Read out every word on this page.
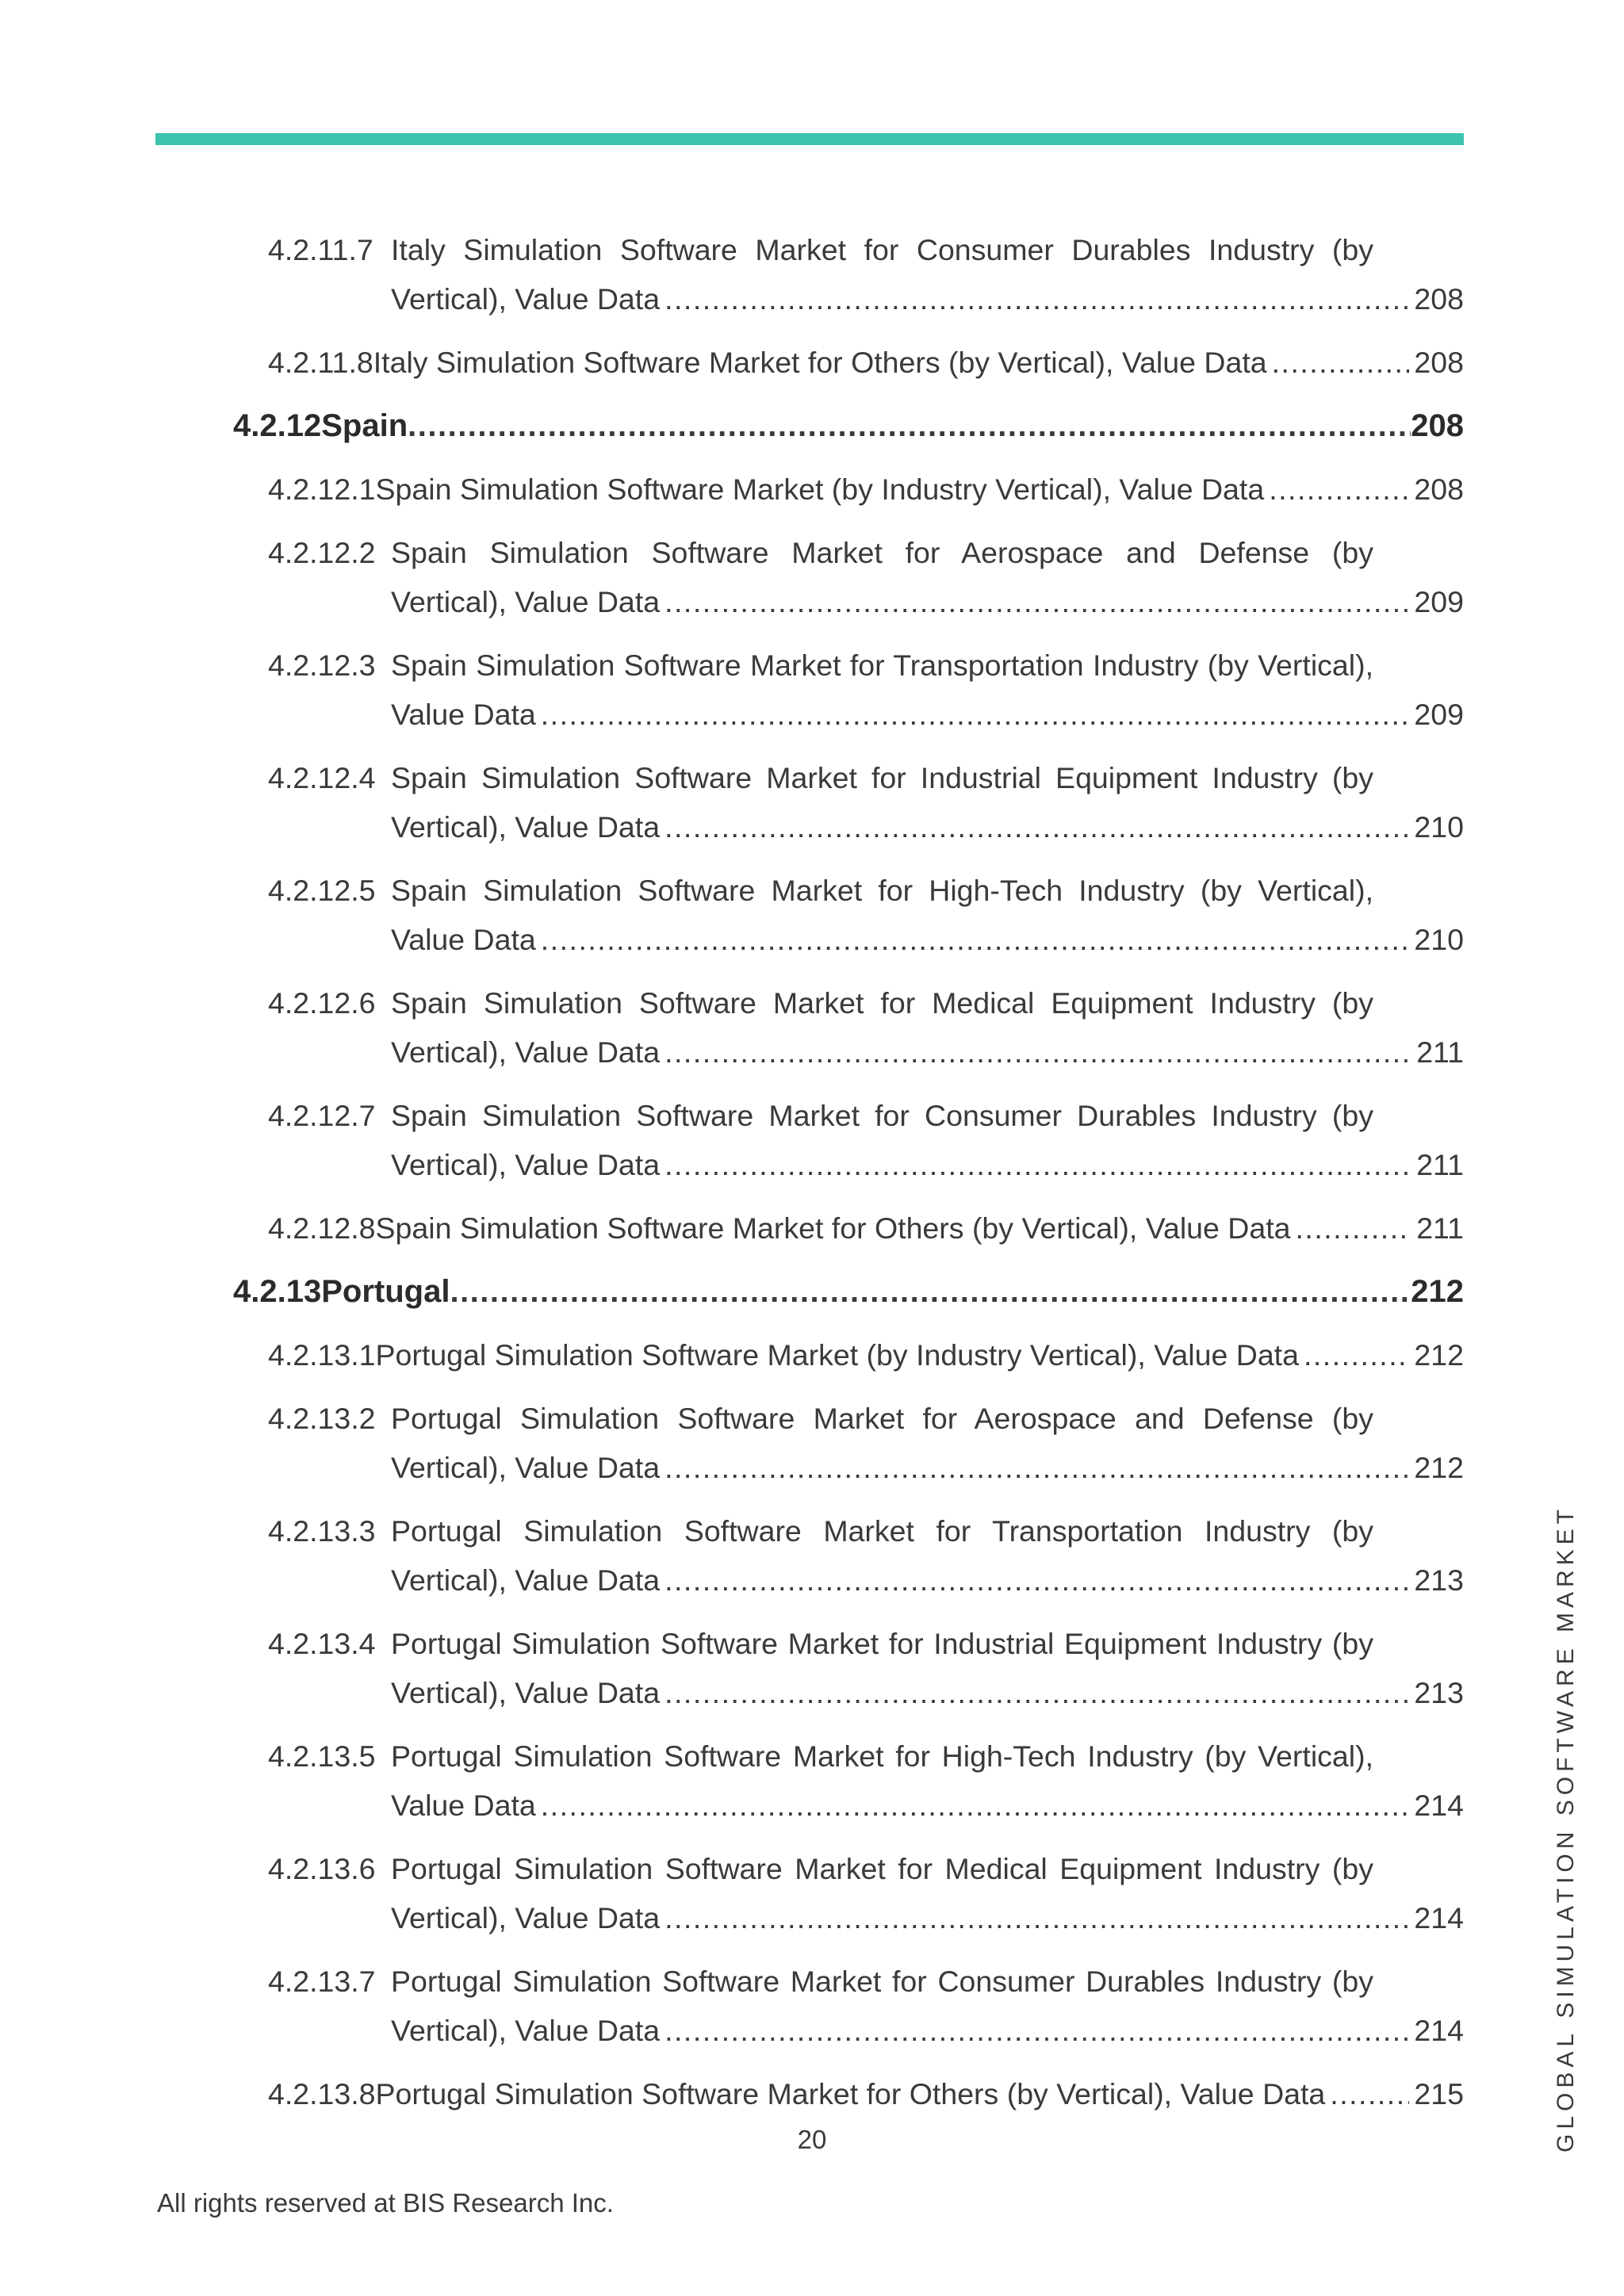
4.2.11.7 Italy Simulation Software Market for Consumer Durables Industry (by
Vertical), Value Data .....	208
4.2.11.8 Italy Simulation Software Market for Others (by Vertical), Value Data .....	208
4.2.12 Spain .....	208
4.2.12.1 Spain Simulation Software Market (by Industry Vertical), Value Data .....	208
4.2.12.2 Spain Simulation Software Market for Aerospace and Defense (by
Vertical), Value Data .....	209
4.2.12.3 Spain Simulation Software Market for Transportation Industry (by Vertical),
Value Data .....	209
4.2.12.4 Spain Simulation Software Market for Industrial Equipment Industry (by
Vertical), Value Data .....	210
4.2.12.5 Spain Simulation Software Market for High-Tech Industry (by Vertical),
Value Data .....	210
4.2.12.6 Spain Simulation Software Market for Medical Equipment Industry (by
Vertical), Value Data .....	211
4.2.12.7 Spain Simulation Software Market for Consumer Durables Industry (by
Vertical), Value Data .....	211
4.2.12.8 Spain Simulation Software Market for Others (by Vertical), Value Data .....	211
4.2.13 Portugal .....	212
4.2.13.1 Portugal Simulation Software Market (by Industry Vertical), Value Data .....	212
4.2.13.2 Portugal Simulation Software Market for Aerospace and Defense (by
Vertical), Value Data .....	212
4.2.13.3 Portugal Simulation Software Market for Transportation Industry (by
Vertical), Value Data .....	213
4.2.13.4 Portugal Simulation Software Market for Industrial Equipment Industry (by
Vertical), Value Data .....	213
4.2.13.5 Portugal Simulation Software Market for High-Tech Industry (by Vertical),
Value Data .....	214
4.2.13.6 Portugal Simulation Software Market for Medical Equipment Industry (by
Vertical), Value Data .....	214
4.2.13.7 Portugal Simulation Software Market for Consumer Durables Industry (by
Vertical), Value Data .....	214
4.2.13.8 Portugal Simulation Software Market for Others (by Vertical), Value Data .....	215
20
All rights reserved at BIS Research Inc.
GLOBAL SIMULATION SOFTWARE MARKET
